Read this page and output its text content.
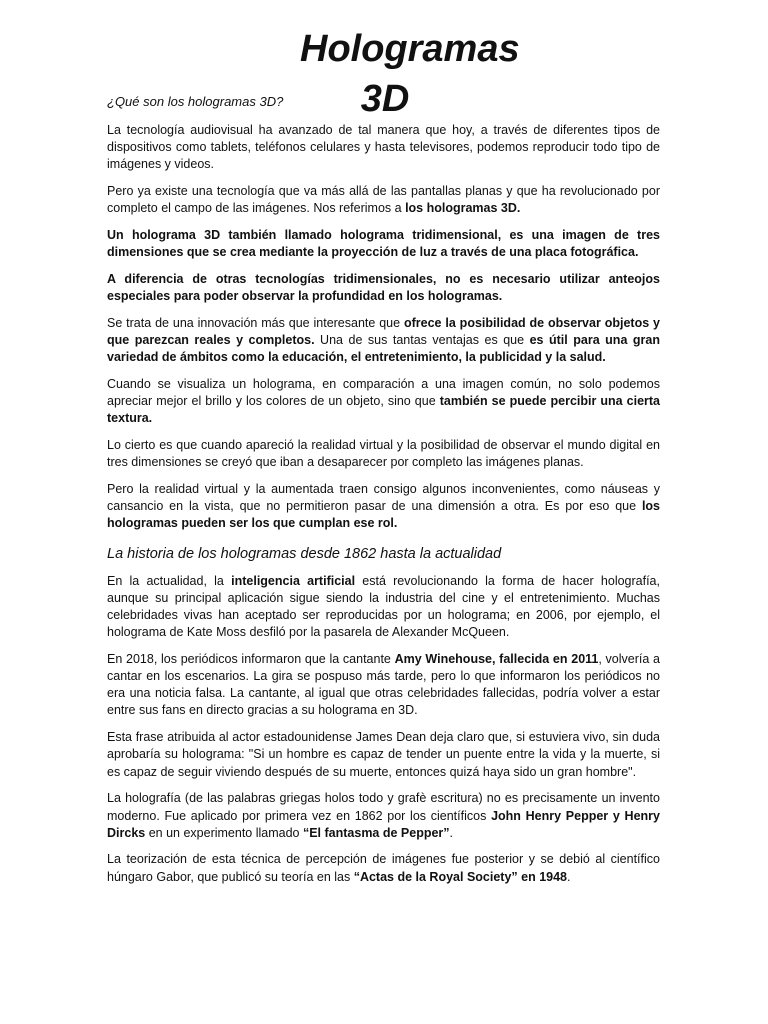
Hologramas 3D

¿Qué son los hologramas 3D?

La tecnología audiovisual ha avanzado de tal manera que hoy, a través de diferentes tipos de dispositivos como tablets, teléfonos celulares y hasta televisores, podemos reproducir todo tipo de imágenes y videos.

Pero ya existe una tecnología que va más allá de las pantallas planas y que ha revolucionado por completo el campo de las imágenes. Nos referimos a los hologramas 3D.

Un holograma 3D también llamado holograma tridimensional, es una imagen de tres dimensiones que se crea mediante la proyección de luz a través de una placa fotográfica.

A diferencia de otras tecnologías tridimensionales, no es necesario utilizar anteojos especiales para poder observar la profundidad en los hologramas.

Se trata de una innovación más que interesante que ofrece la posibilidad de observar objetos y que parezcan reales y completos. Una de sus tantas ventajas es que es útil para una gran variedad de ámbitos como la educación, el entretenimiento, la publicidad y la salud.

Cuando se visualiza un holograma, en comparación a una imagen común, no solo podemos apreciar mejor el brillo y los colores de un objeto, sino que también se puede percibir una cierta textura.

Lo cierto es que cuando apareció la realidad virtual y la posibilidad de observar el mundo digital en tres dimensiones se creyó que iban a desaparecer por completo las imágenes planas.

Pero la realidad virtual y la aumentada traen consigo algunos inconvenientes, como náuseas y cansancio en la vista, que no permitieron pasar de una dimensión a otra. Es por eso que los hologramas pueden ser los que cumplan ese rol.

La historia de los hologramas desde 1862 hasta la actualidad

En la actualidad, la inteligencia artificial está revolucionando la forma de hacer holografía, aunque su principal aplicación sigue siendo la industria del cine y el entretenimiento. Muchas celebridades vivas han aceptado ser reproducidas por un holograma; en 2006, por ejemplo, el holograma de Kate Moss desfiló por la pasarela de Alexander McQueen.

En 2018, los periódicos informaron que la cantante Amy Winehouse, fallecida en 2011, volvería a cantar en los escenarios. La gira se pospuso más tarde, pero lo que informaron los periódicos no era una noticia falsa. La cantante, al igual que otras celebridades fallecidas, podría volver a estar entre sus fans en directo gracias a su holograma en 3D.

Esta frase atribuida al actor estadounidense James Dean deja claro que, si estuviera vivo, sin duda aprobaría su holograma: "Si un hombre es capaz de tender un puente entre la vida y la muerte, si es capaz de seguir viviendo después de su muerte, entonces quizá haya sido un gran hombre".

La holografía (de las palabras griegas holos todo y grafè escritura) no es precisamente un invento moderno. Fue aplicado por primera vez en 1862 por los científicos John Henry Pepper y Henry Dircks en un experimento llamado “El fantasma de Pepper”.

La teorización de esta técnica de percepción de imágenes fue posterior y se debió al científico húngaro Gabor, que publicó su teoría en las “Actas de la Royal Society” en 1948.
